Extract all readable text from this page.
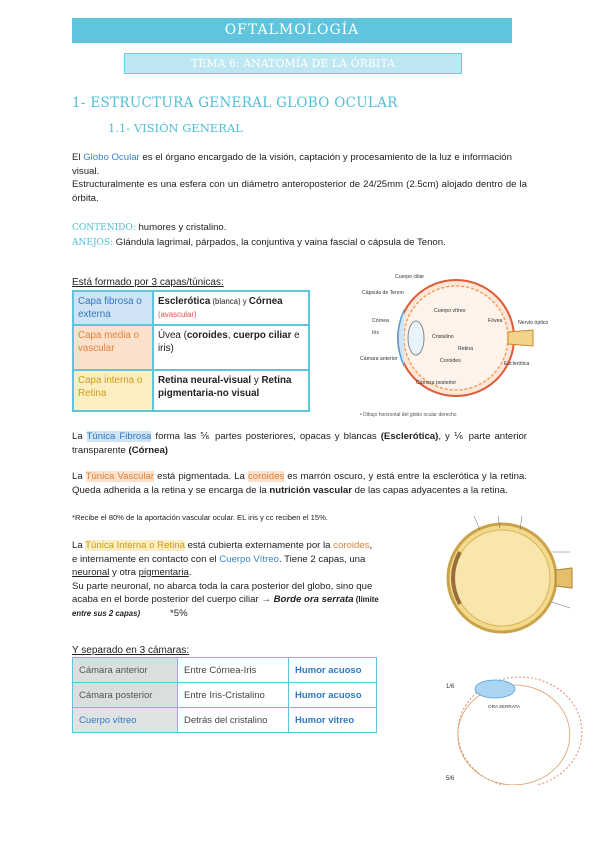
OFTALMOLOGÍA
TEMA 6: ANATOMÍA DE LA ÓRBITA
1- ESTRUCTURA GENERAL GLOBO OCULAR
1.1- VISIÓN GENERAL

El Globo Ocular es el órgano encargado de la visión, captación y procesamiento de la luz e información visual.

Estructuralmente es una esfera con un diámetro anteroposterior de 24/25mm (2.5cm) alojado dentro de la órbita.

CONTENIDO: humores y cristalino.
ANEJOS: Glándula lagrimal, párpados, la conjuntiva y vaina fascial o cápsula de Tenon.
Está formado por 3 capas/túnicas:
Capa fibrosa o externa	Esclerótica (blanca) y Córnea
(avascular)
Capa media o vascular	Úvea (coroides, cuerpo ciliar e iris)
Capa interna o Retina	Retina neural-visual y Retina pigmentaria-no visual
Cuerpo ciliar
Cápsula de Tenon
Córnea
Iris
Cuerpo vítreo
Retina
Esclerótica
Fóvea	Nervio óptico
Coroides
Cristalino
Cámara anterior
Cámara posterior
• Dibujo horizontal del globo ocular derecho
La Túnica Fibrosa forma las ⅚ partes posteriores, opacas y blancas (Esclerótica), y ⅙ parte anterior transparente (Córnea)
La Túnica Vascular está pigmentada. La coroides es marrón oscuro, y está entre la esclerótica y la retina. Queda adherida a la retina y se encarga de la nutrición vascular de las capas adyacentes a la retina.
*Recibe el 80% de la aportación vascular ocular. EL iris y cc reciben el 15%.

La Túnica Interna o Retina está cubierta externamente por la coroides,

e internamente en contacto con el Cuerpo Vítreo. Tiene 2 capas, una

neuronal y otra pigmentaria.

Su parte neuronal, no abarca toda la cara posterior del globo, sino que

acaba en el borde posterior del cuerpo ciliar → Borde ora serrata (límite

entre sus 2 capas)	*5%

Y separado en 3 cámaras:
Cámara anterior	Entre Córnea-Iris	Humor acuoso
Cámara posterior	Entre Iris-Cristalino	Humor acuoso
Cuerpo vítreo	Detrás del cristalino	Humor vítreo
1/6
5/6
ORA SERRATA
